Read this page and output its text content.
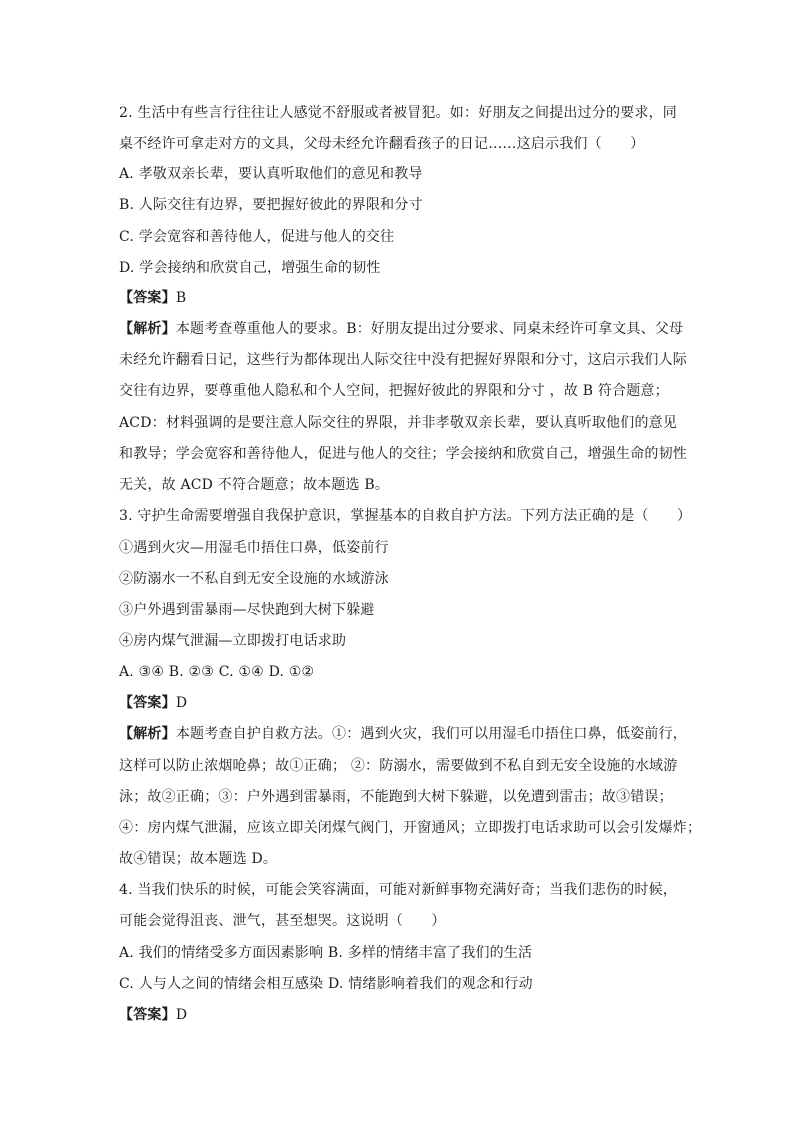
2. 生活中有些言行往往让人感觉不舒服或者被冒犯。如：好朋友之间提出过分的要求，同
桌不经许可拿走对方的文具，父母未经允许翻看孩子的日记……这启示我们（　　）
A. 孝敬双亲长辈，要认真听取他们的意见和教导
B. 人际交往有边界，要把握好彼此的界限和分寸
C. 学会宽容和善待他人，促进与他人的交往
D. 学会接纳和欣赏自己，增强生命的韧性
【答案】B
【解析】本题考查尊重他人的要求。B：好朋友提出过分要求、同桌未经许可拿文具、父母
未经允许翻看日记，这些行为都体现出人际交往中没有把握好界限和分寸，这启示我们人际
交往有边界，要尊重他人隐私和个人空间，把握好彼此的界限和分寸 ，故 B 符合题意；
ACD：材料强调的是要注意人际交往的界限，并非孝敬双亲长辈，要认真听取他们的意见
和教导；学会宽容和善待他人，促进与他人的交往；学会接纳和欣赏自己，增强生命的韧性
无关，故 ACD 不符合题意；故本题选 B。
3. 守护生命需要增强自我保护意识，掌握基本的自救自护方法。下列方法正确的是（　　）
①遇到火灾—用湿毛巾捂住口鼻，低姿前行
②防溺水一不私自到无安全设施的水域游泳
③户外遇到雷暴雨—尽快跑到大树下躲避
④房内煤气泄漏—立即拨打电话求助
A. ③④ B. ②③ C. ①④ D. ①②
【答案】D
【解析】本题考查自护自救方法。①：遇到火灾，我们可以用湿毛巾捂住口鼻，低姿前行，
这样可以防止浓烟呛鼻；故①正确； ②：防溺水，需要做到不私自到无安全设施的水域游
泳；故②正确；③：户外遇到雷暴雨，不能跑到大树下躲避，以免遭到雷击；故③错误；
④：房内煤气泄漏，应该立即关闭煤气阀门，开窗通风；立即拨打电话求助可以会引发爆炸；
故④错误；故本题选 D。
4. 当我们快乐的时候，可能会笑容满面，可能对新鲜事物充满好奇；当我们悲伤的时候，
可能会觉得沮丧、泄气，甚至想哭。这说明（　　）
A. 我们的情绪受多方面因素影响 B. 多样的情绪丰富了我们的生活
C. 人与人之间的情绪会相互感染 D. 情绪影响着我们的观念和行动
【答案】D
